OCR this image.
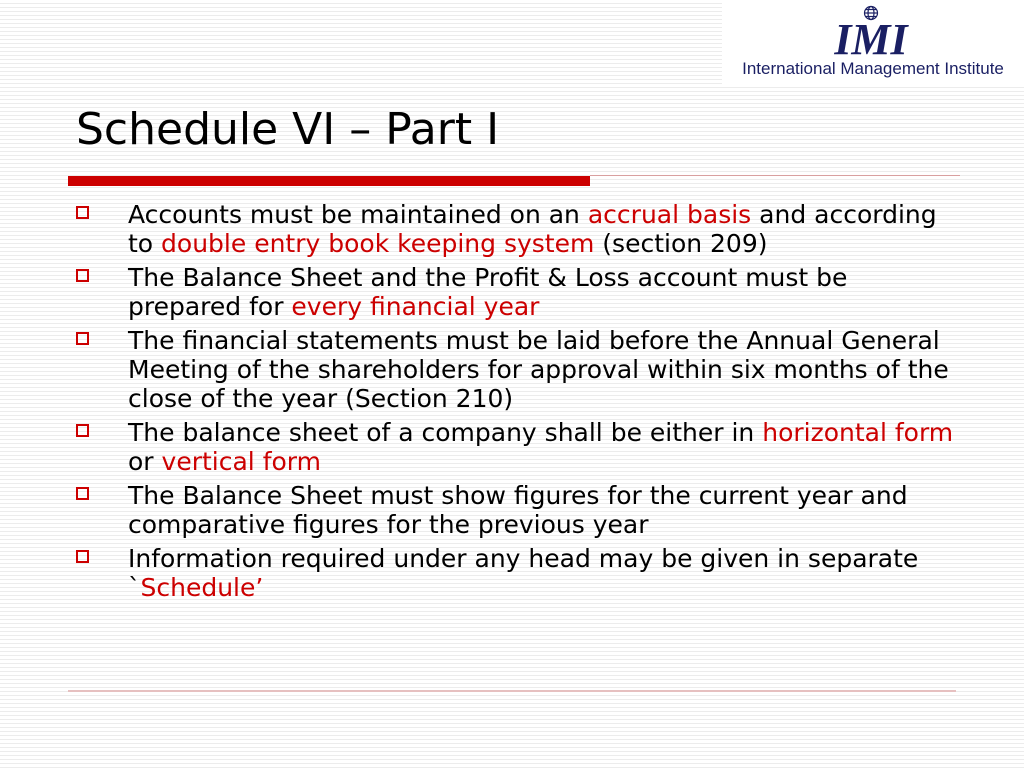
IMI
International Management Institute
Schedule VI – Part I
Accounts must be maintained on an accrual basis and according to double entry book keeping system (section 209)
The Balance Sheet and the Profit & Loss account must be prepared for every financial year
The financial statements must be laid before the Annual General Meeting of the shareholders for approval within six months of the close of the year (Section 210)
The balance sheet of a company shall be either in horizontal form or vertical form
The Balance Sheet must show figures for the current year and comparative figures for the previous year
Information required under any head may be given in separate `Schedule’
